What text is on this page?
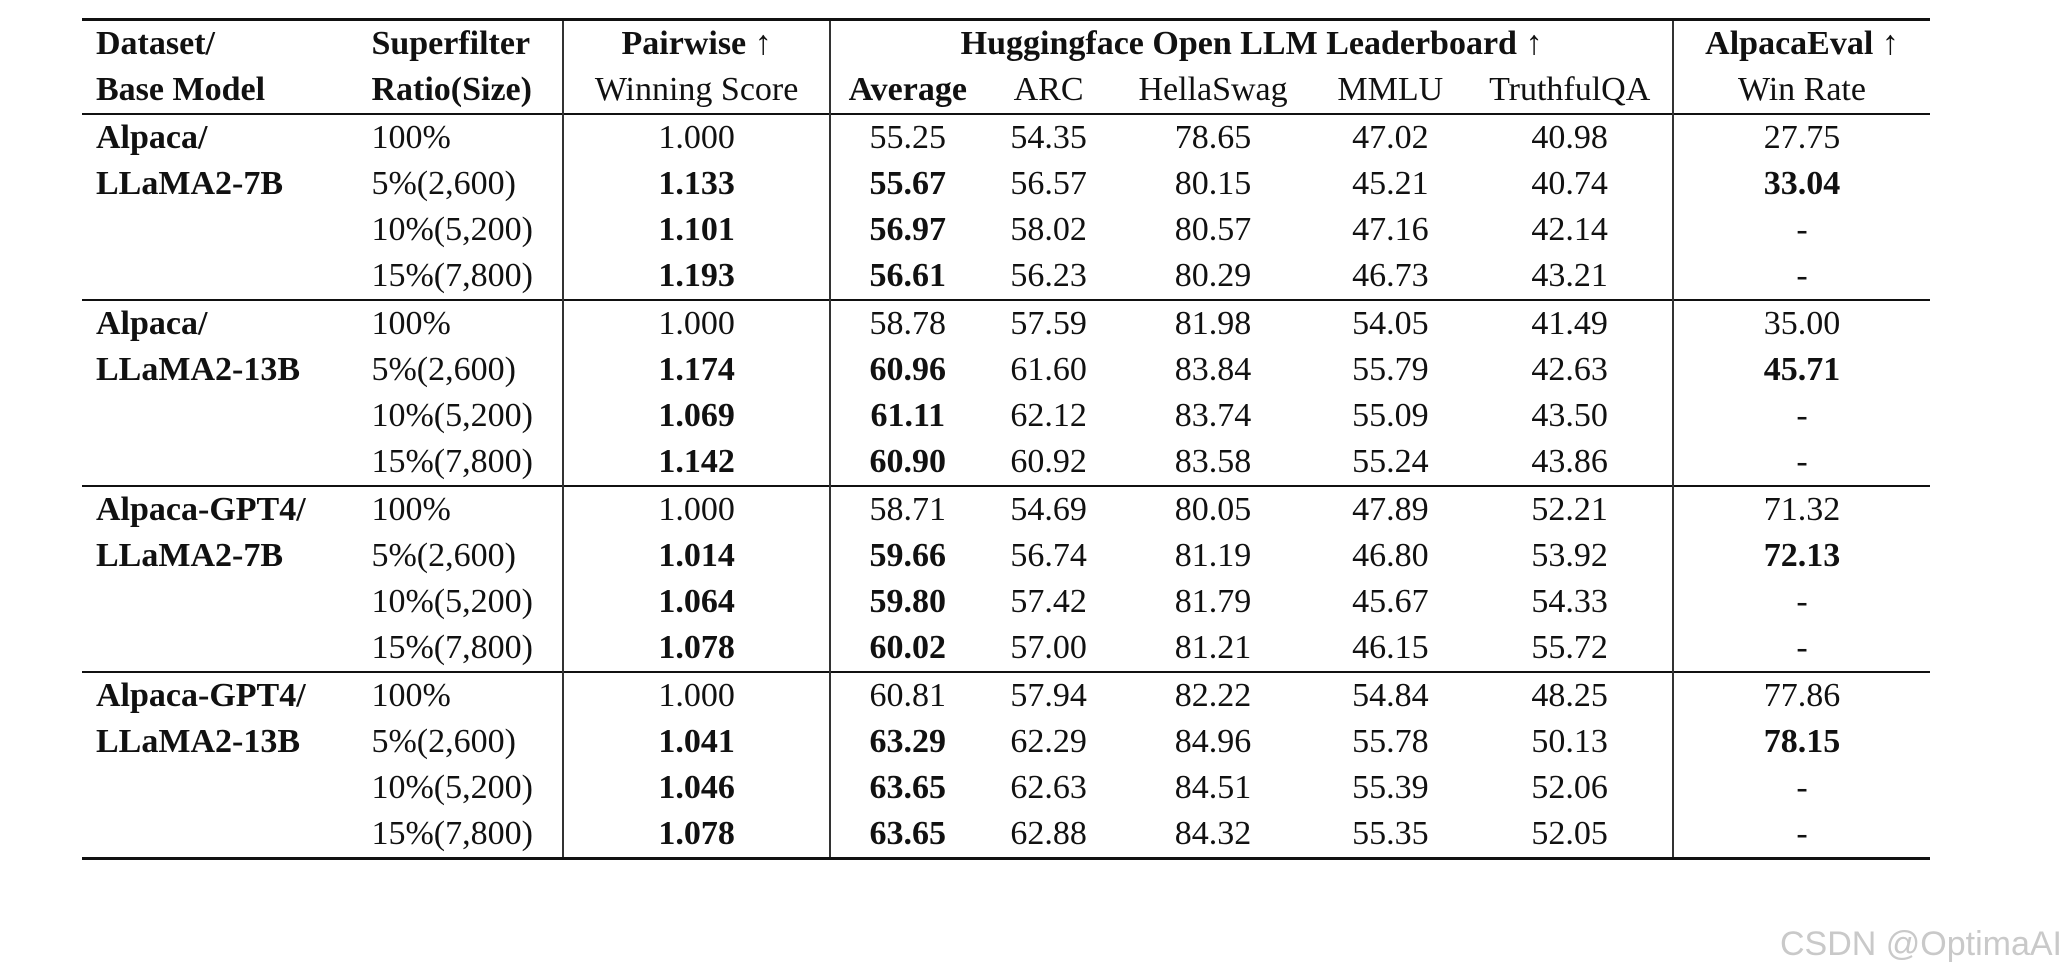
Dataset/	Superfilter	Pairwise ↑	Huggingface Open LLM Leaderboard ↑					AlpacaEval ↑
Base Model	Ratio(Size)	Winning Score	Average	ARC	HellaSwag	MMLU	TruthfulQA	Win Rate
Alpaca/	100%	1.000	55.25	54.35	78.65	47.02	40.98	27.75
LLaMA2-7B	5%(2,600)	1.133	55.67	56.57	80.15	45.21	40.74	33.04
	10%(5,200)	1.101	56.97	58.02	80.57	47.16	42.14	-
	15%(7,800)	1.193	56.61	56.23	80.29	46.73	43.21	-
Alpaca/	100%	1.000	58.78	57.59	81.98	54.05	41.49	35.00
LLaMA2-13B	5%(2,600)	1.174	60.96	61.60	83.84	55.79	42.63	45.71
	10%(5,200)	1.069	61.11	62.12	83.74	55.09	43.50	-
	15%(7,800)	1.142	60.90	60.92	83.58	55.24	43.86	-
Alpaca-GPT4/	100%	1.000	58.71	54.69	80.05	47.89	52.21	71.32
LLaMA2-7B	5%(2,600)	1.014	59.66	56.74	81.19	46.80	53.92	72.13
	10%(5,200)	1.064	59.80	57.42	81.79	45.67	54.33	-
	15%(7,800)	1.078	60.02	57.00	81.21	46.15	55.72	-
Alpaca-GPT4/	100%	1.000	60.81	57.94	82.22	54.84	48.25	77.86
LLaMA2-13B	5%(2,600)	1.041	63.29	62.29	84.96	55.78	50.13	78.15
	10%(5,200)	1.046	63.65	62.63	84.51	55.39	52.06	-
	15%(7,800)	1.078	63.65	62.88	84.32	55.35	52.05	-
CSDN @OptimaAI
